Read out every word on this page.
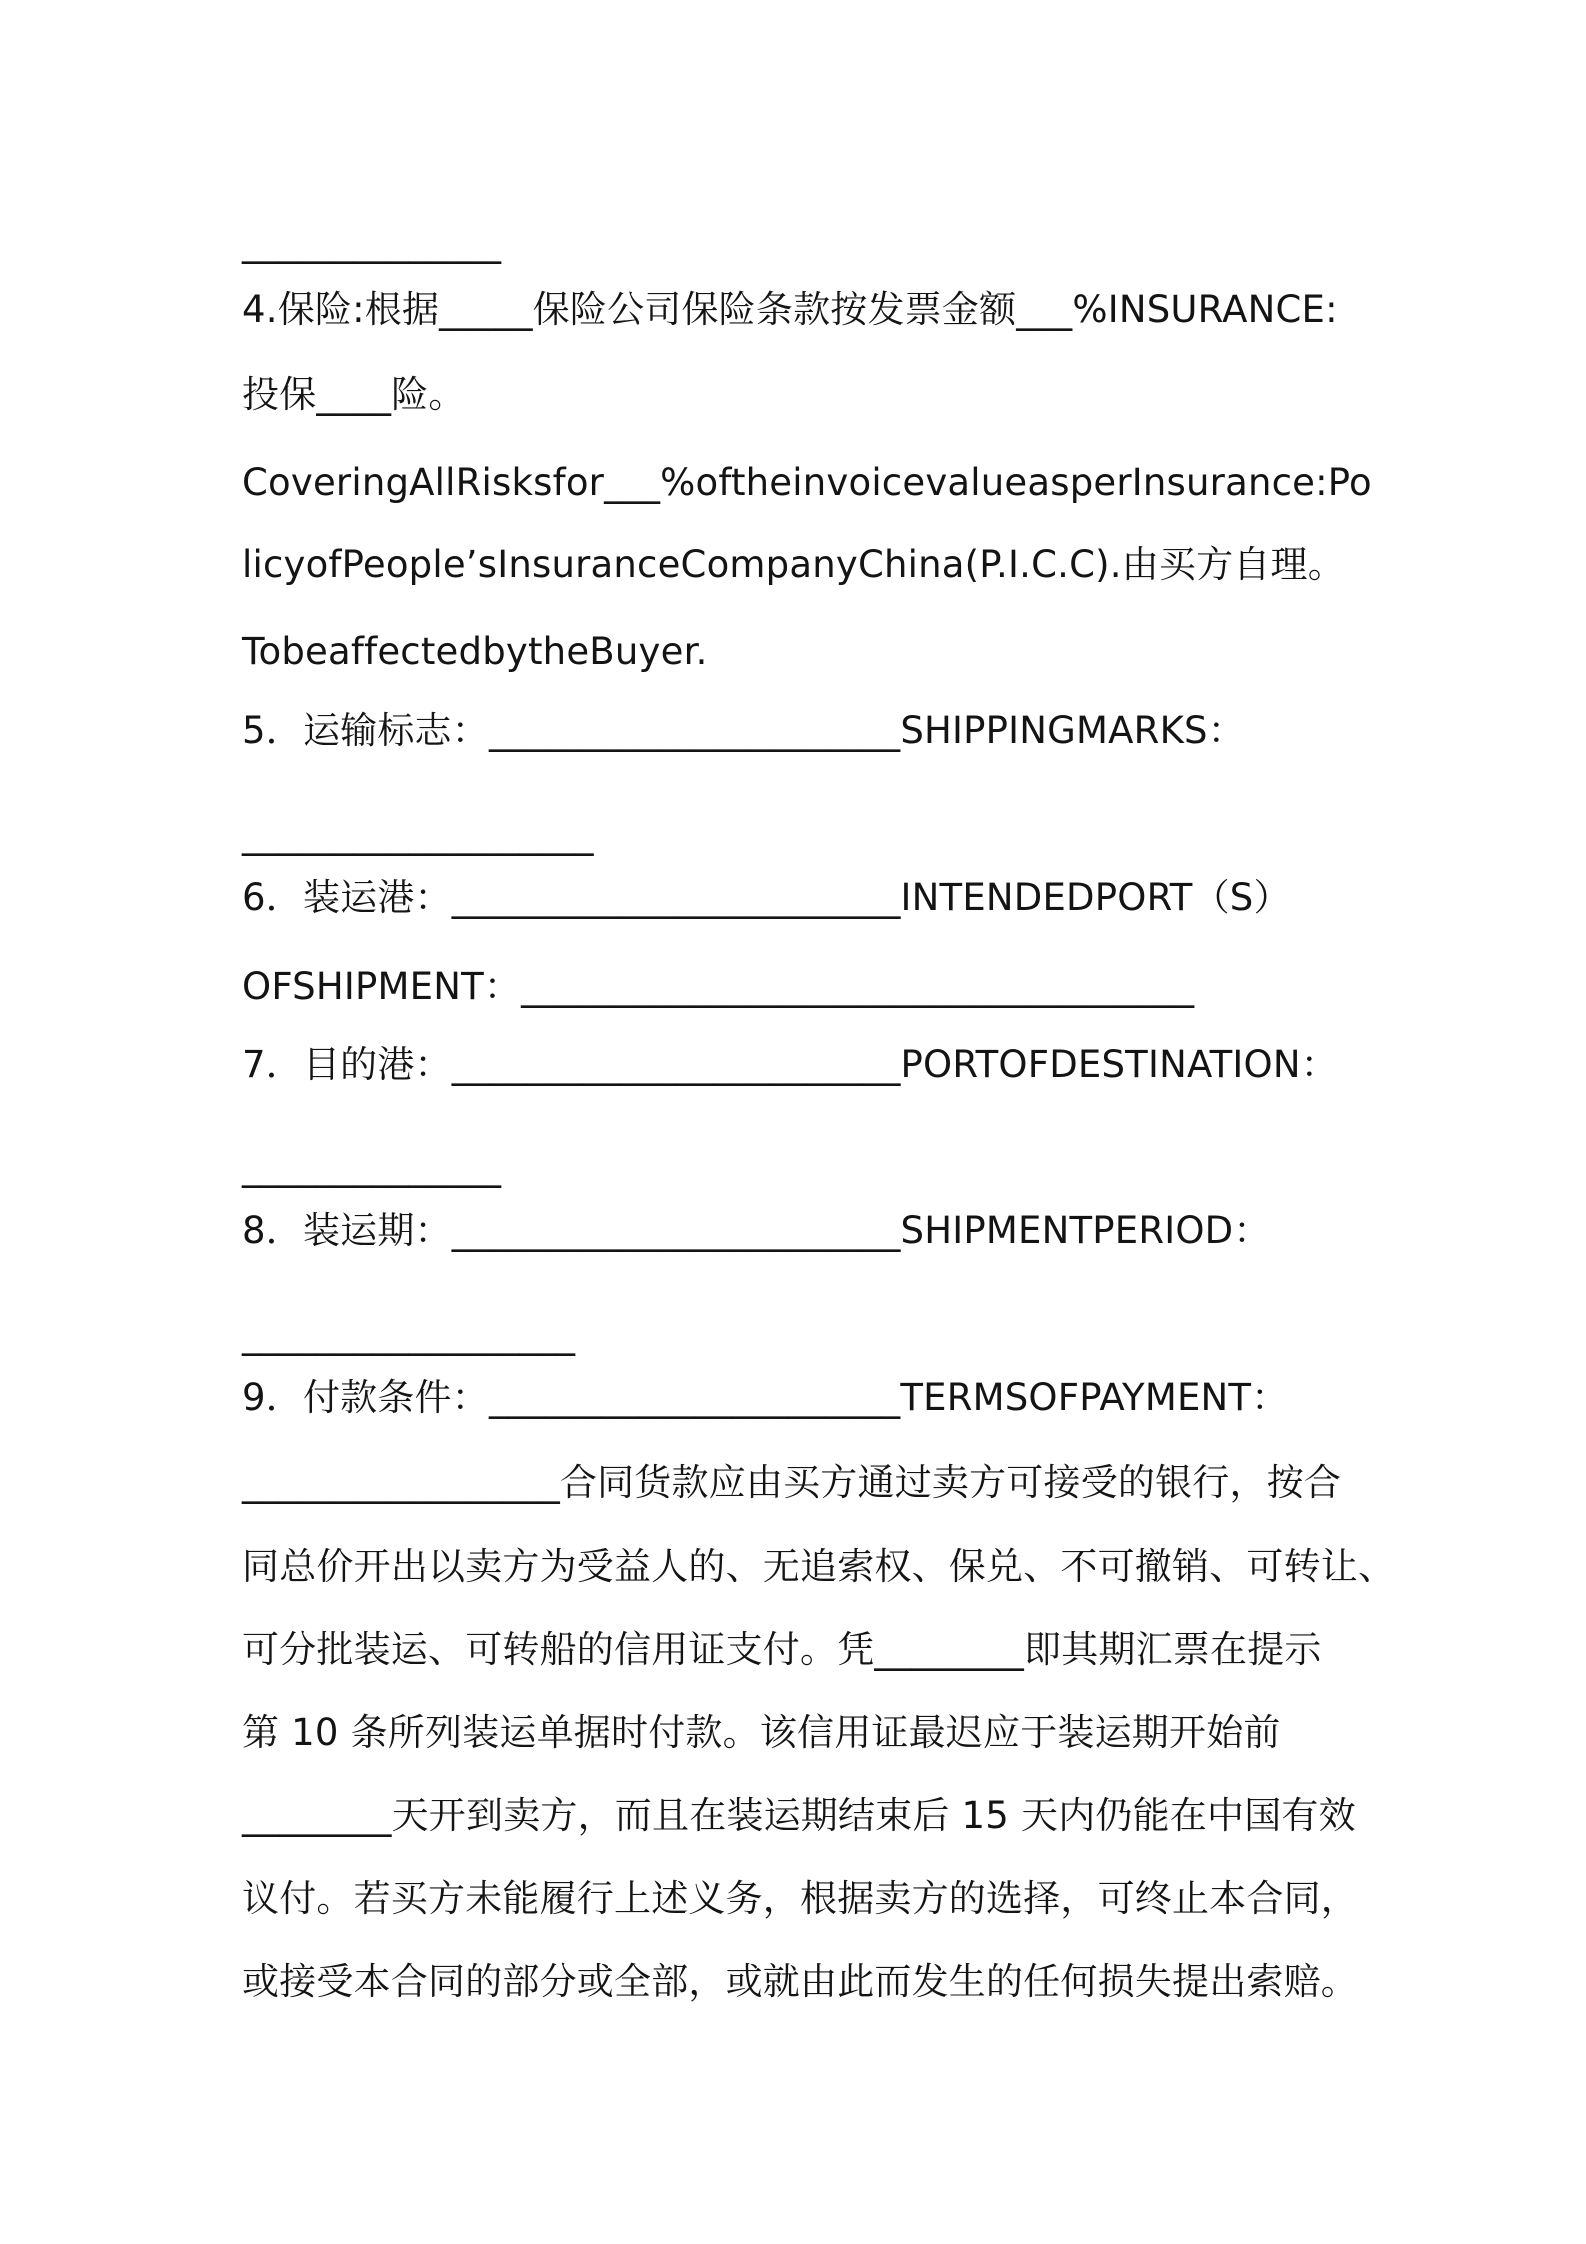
______________
4.保险:根据_____保险公司保险条款按发票金额___%INSURANCE:
投保____险。
CoveringAllRisksfor___%oftheinvoicevalueasperInsurance:Po
licyofPeople’sInsuranceCompanyChina(P.I.C.C).由买方自理。
TobeaffectedbytheBuyer.
5．运输标志：______________________SHIPPINGMARKS：
___________________
6．装运港：________________________INTENDEDPORT（S）
OFSHIPMENT：____________________________________
7．目的港：________________________PORTOFDESTINATION：
______________
8．装运期：________________________SHIPMENTPERIOD：
__________________
9．付款条件：______________________TERMSOFPAYMENT：
_________________合同货款应由买方通过卖方可接受的银行，按合
同总价开出以卖方为受益人的、无追索权、保兑、不可撤销、可转让、
可分批装运、可转船的信用证支付。凭________即其期汇票在提示
第 10 条所列装运单据时付款。该信用证最迟应于装运期开始前
________天开到卖方，而且在装运期结束后 15 天内仍能在中国有效
议付。若买方未能履行上述义务，根据卖方的选择，可终止本合同，
或接受本合同的部分或全部，或就由此而发生的任何损失提出索赔。
